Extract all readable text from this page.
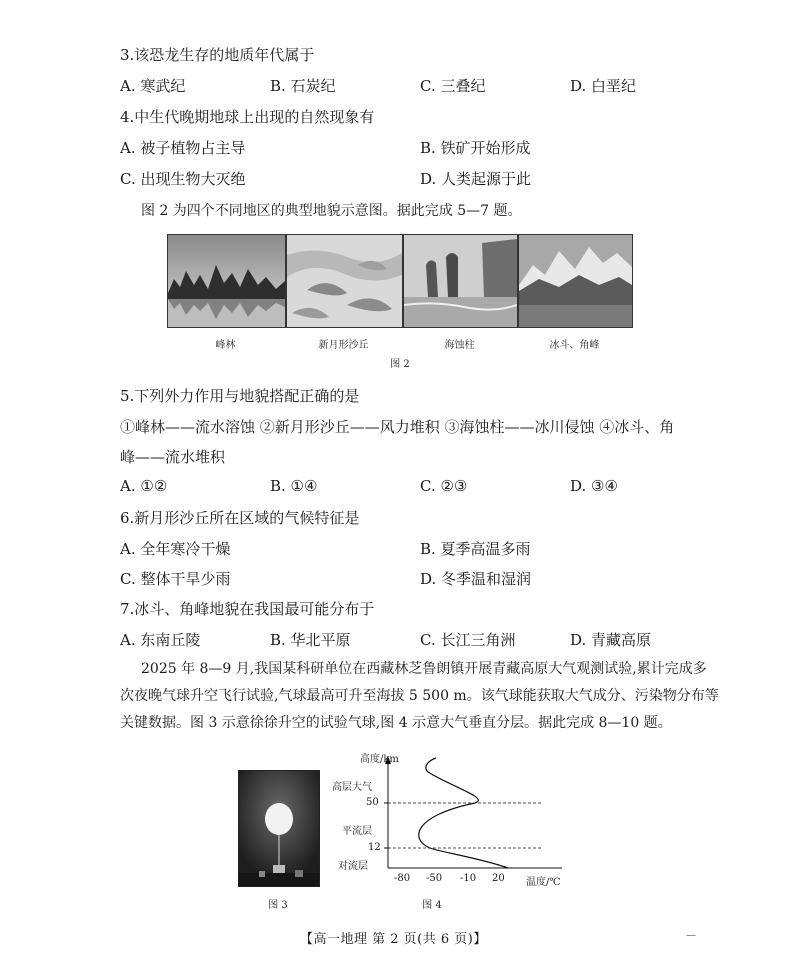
3.该恐龙生存的地质年代属于
A. 寒武纪	B. 石炭纪	C. 三叠纪	D. 白垩纪
4.中生代晚期地球上出现的自然现象有
A. 被子植物占主导	B. 铁矿开始形成
C. 出现生物大灭绝	D. 人类起源于此
图 2 为四个不同地区的典型地貌示意图。据此完成 5—7 题。
峰林	新月形沙丘	海蚀柱	冰斗、角峰
图 2
5.下列外力作用与地貌搭配正确的是
①峰林——流水溶蚀 ②新月形沙丘——风力堆积 ③海蚀柱——冰川侵蚀 ④冰斗、角
峰——流水堆积
A. ①②	B. ①④	C. ②③	D. ③④
6.新月形沙丘所在区域的气候特征是
A. 全年寒冷干燥	B. 夏季高温多雨
C. 整体干旱少雨	D. 冬季温和湿润
7.冰斗、角峰地貌在我国最可能分布于
A. 东南丘陵	B. 华北平原	C. 长江三角洲	D. 青藏高原
2025 年 8—9 月,我国某科研单位在西藏林芝鲁朗镇开展青藏高原大气观测试验,累计完成多
次夜晚气球升空飞行试验,气球最高可升至海拔 5 500 m。该气球能获取大气成分、污染物分布等
关键数据。图 3 示意徐徐升空的试验气球,图 4 示意大气垂直分层。据此完成 8—10 题。
图 3
高度/km
高层大气
50
平流层
12
对流层
-80 -50 -10 20 温度/℃
图 4
【高一地理 第 2 页(共 6 页)】	—
